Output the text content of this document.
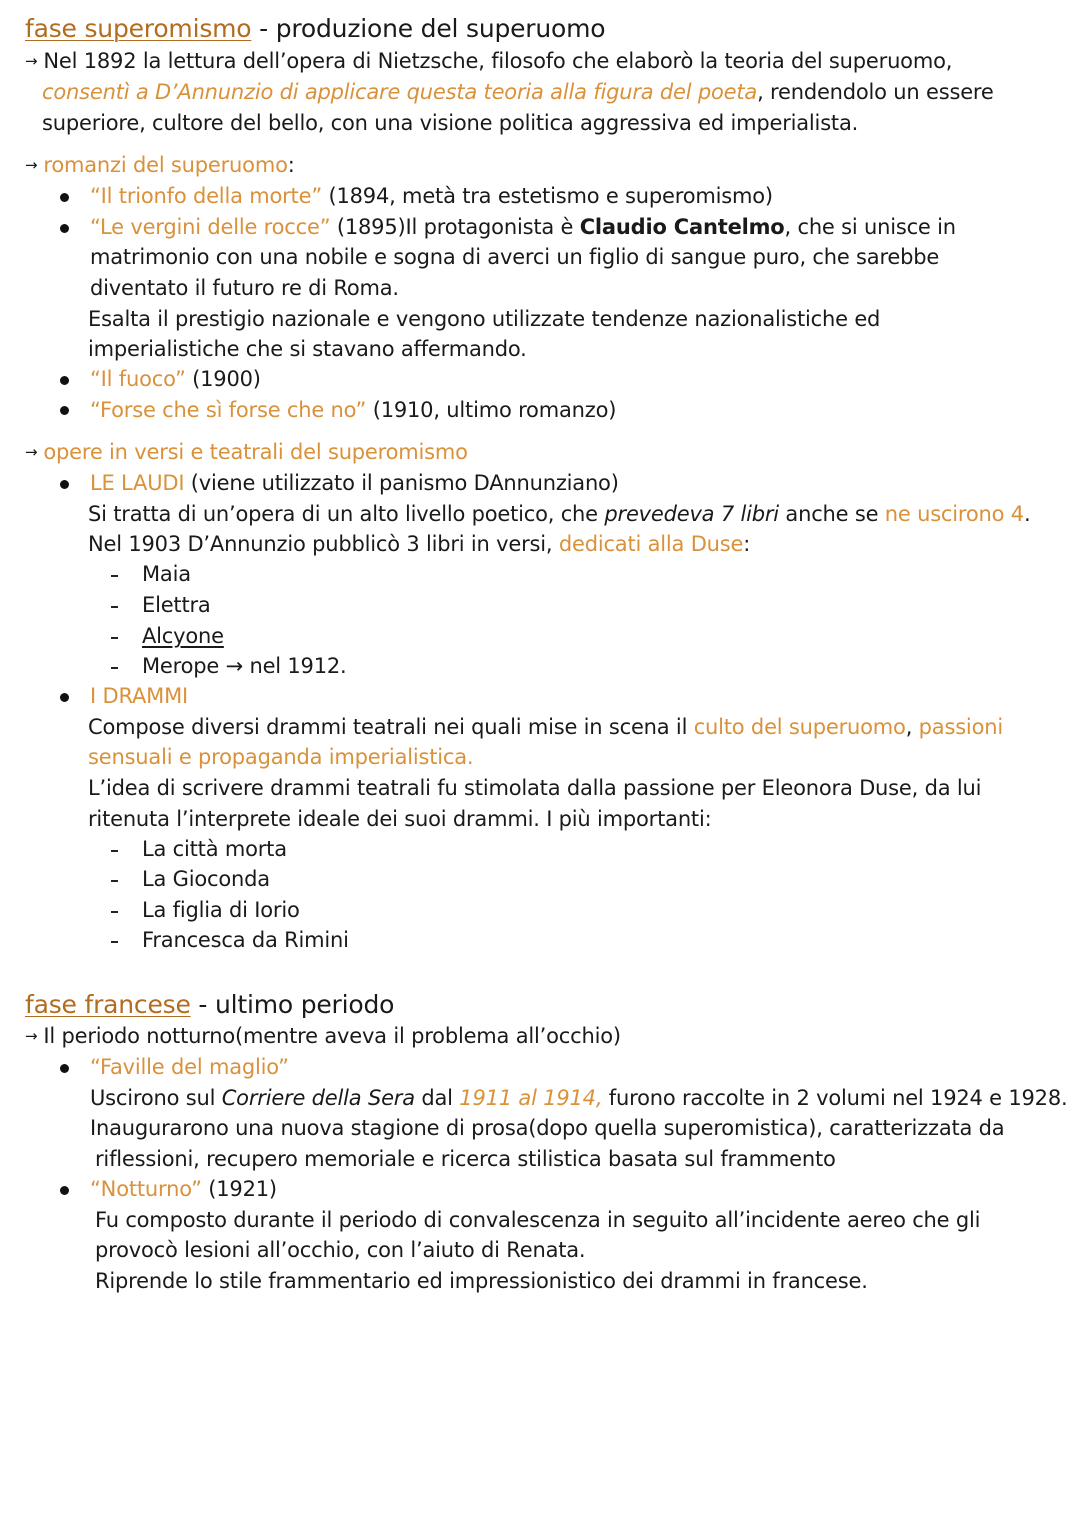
fase superomismo - produzione del superuomo
→ Nel 1892 la lettura dell’opera di Nietzsche, filosofo che elaborò la teoria del superuomo,
consentì a D’Annunzio di applicare questa teoria alla figura del poeta, rendendolo un essere
superiore, cultore del bello, con una visione politica aggressiva ed imperialista.
→ romanzi del superuomo:
“Il trionfo della morte” (1894, metà tra estetismo e superomismo)
“Le vergini delle rocce” (1895)Il protagonista è Claudio Cantelmo, che si unisce in
matrimonio con una nobile e sogna di averci un figlio di sangue puro, che sarebbe
diventato il futuro re di Roma.
Esalta il prestigio nazionale e vengono utilizzate tendenze nazionalistiche ed
imperialistiche che si stavano affermando.
“Il fuoco” (1900)
“Forse che sì forse che no” (1910, ultimo romanzo)
→ opere in versi e teatrali del superomismo
LE LAUDI (viene utilizzato il panismo DAnnunziano)
Si tratta di un’opera di un alto livello poetico, che prevedeva 7 libri anche se ne uscirono 4.
Nel 1903 D’Annunzio pubblicò 3 libri in versi, dedicati alla Duse:
Maia
Elettra
Alcyone
Merope → nel 1912.
I DRAMMI
Compose diversi drammi teatrali nei quali mise in scena il culto del superuomo, passioni
sensuali e propaganda imperialistica.
L’idea di scrivere drammi teatrali fu stimolata dalla passione per Eleonora Duse, da lui
ritenuta l’interprete ideale dei suoi drammi. I più importanti:
La città morta
La Gioconda
La figlia di Iorio
Francesca da Rimini
fase francese - ultimo periodo
→ Il periodo notturno(mentre aveva il problema all’occhio)
“Faville del maglio”
Uscirono sul Corriere della Sera dal 1911 al 1914, furono raccolte in 2 volumi nel 1924 e 1928.
Inaugurarono una nuova stagione di prosa(dopo quella superomistica), caratterizzata da
riflessioni, recupero memoriale e ricerca stilistica basata sul frammento
“Notturno” (1921)
Fu composto durante il periodo di convalescenza in seguito all’incidente aereo che gli
provocò lesioni all’occhio, con l’aiuto di Renata.
Riprende lo stile frammentario ed impressionistico dei drammi in francese.
